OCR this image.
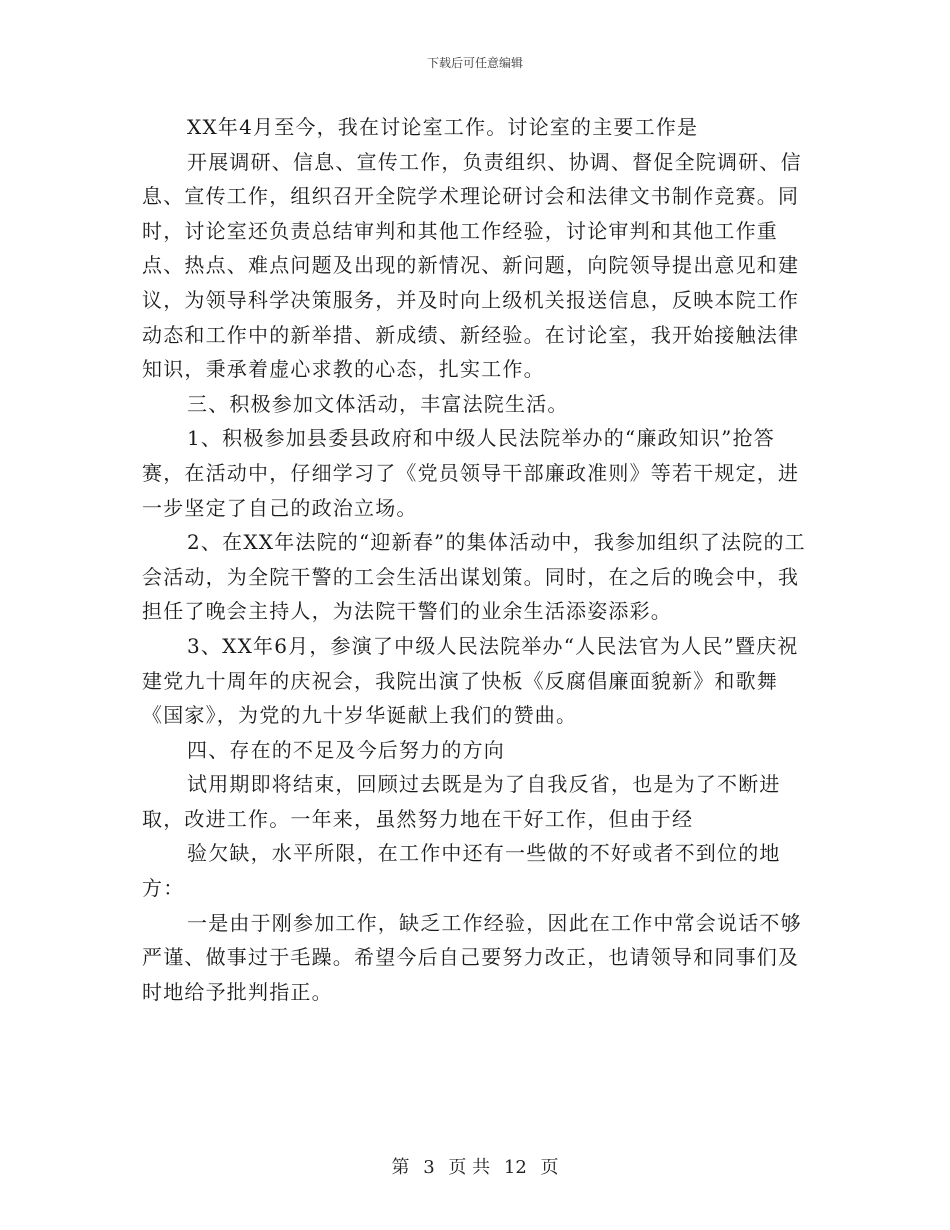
下载后可任意编辑

XX年4月至今，我在讨论室工作。讨论室的主要工作是

开展调研、信息、宣传工作，负责组织、协调、督促全院调研、信息、宣传工作，组织召开全院学术理论研讨会和法律文书制作竞赛。同时，讨论室还负责总结审判和其他工作经验，讨论审判和其他工作重点、热点、难点问题及出现的新情况、新问题，向院领导提出意见和建议，为领导科学决策服务，并及时向上级机关报送信息，反映本院工作动态和工作中的新举措、新成绩、新经验。在讨论室，我开始接触法律知识，秉承着虚心求教的心态，扎实工作。

三、积极参加文体活动，丰富法院生活。

1、积极参加县委县政府和中级人民法院举办的“廉政知识”抢答赛，在活动中，仔细学习了《党员领导干部廉政准则》等若干规定，进一步坚定了自己的政治立场。

2、在XX年法院的“迎新春”的集体活动中，我参加组织了法院的工会活动，为全院干警的工会生活出谋划策。同时，在之后的晚会中，我担任了晚会主持人，为法院干警们的业余生活添姿添彩。

3、XX年6月，参演了中级人民法院举办“人民法官为人民”暨庆祝建党九十周年的庆祝会，我院出演了快板《反腐倡廉面貌新》和歌舞《国家》，为党的九十岁华诞献上我们的赞曲。

四、存在的不足及今后努力的方向

试用期即将结束，回顾过去既是为了自我反省，也是为了不断进取，改进工作。一年来，虽然努力地在干好工作，但由于经

验欠缺，水平所限，在工作中还有一些做的不好或者不到位的地方：

一是由于刚参加工作，缺乏工作经验，因此在工作中常会说话不够严谨、做事过于毛躁。希望今后自己要努力改正，也请领导和同事们及时地给予批判指正。

第 3 页 共 12 页
